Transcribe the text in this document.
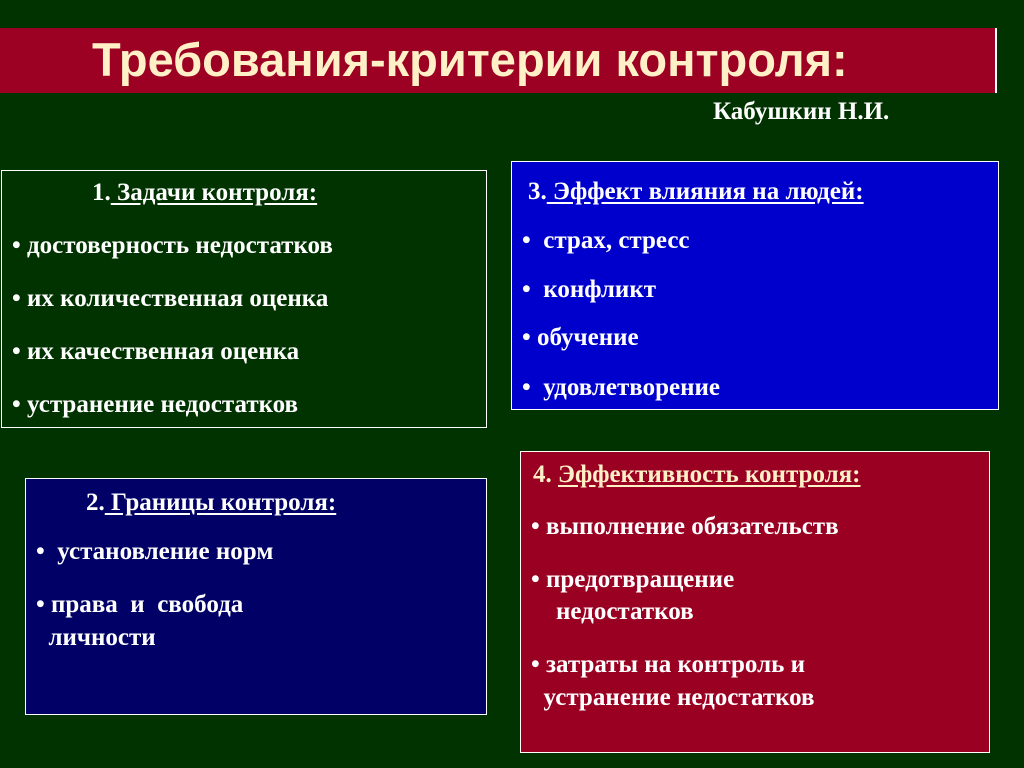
Требования-критерии контроля:
Кабушкин Н.И.
1. Задачи контроля:
• достоверность недостатков
• их количественная оценка
• их качественная оценка
• устранение недостатков
2. Границы контроля:
•  установление норм
• права  и  свобода
личности
3. Эффект влияния на людей:
•  страх, стресс
•  конфликт
• обучение
•  удовлетворение
4. Эффективность контроля:
• выполнение обязательств
• предотвращение
недостатков
• затраты на контроль и
устранение недостатков
